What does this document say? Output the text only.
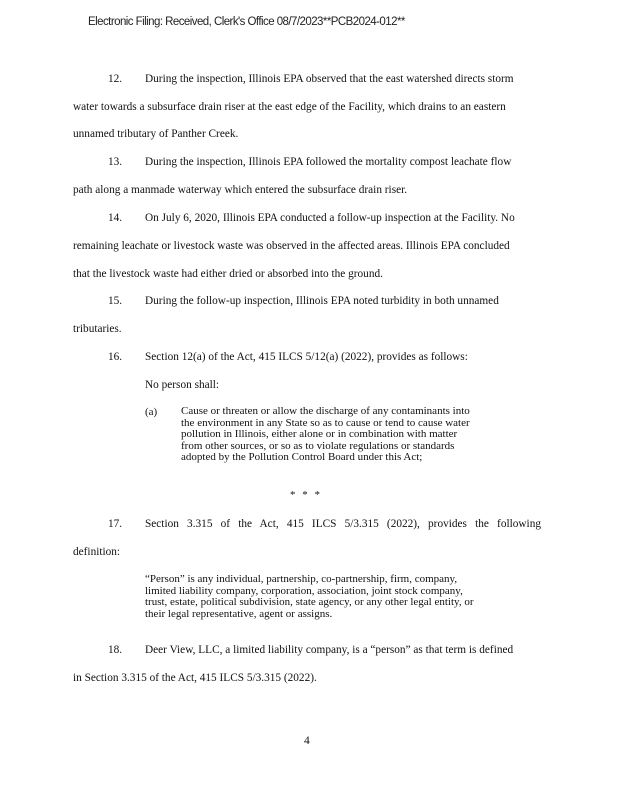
Electronic Filing: Received, Clerk's Office 08/7/2023**PCB2024-012**
12. During the inspection, Illinois EPA observed that the east watershed directs storm
water towards a subsurface drain riser at the east edge of the Facility, which drains to an eastern
unnamed tributary of Panther Creek.
13. During the inspection, Illinois EPA followed the mortality compost leachate flow
path along a manmade waterway which entered the subsurface drain riser.
14. On July 6, 2020, Illinois EPA conducted a follow-up inspection at the Facility. No
remaining leachate or livestock waste was observed in the affected areas. Illinois EPA concluded
that the livestock waste had either dried or absorbed into the ground.
15. During the follow-up inspection, Illinois EPA noted turbidity in both unnamed
tributaries.
16. Section 12(a) of the Act, 415 ILCS 5/12(a) (2022), provides as follows:
No person shall:
(a) Cause or threaten or allow the discharge of any contaminants into
the environment in any State so as to cause or tend to cause water
pollution in Illinois, either alone or in combination with matter
from other sources, or so as to violate regulations or standards
adopted by the Pollution Control Board under this Act;
* * *
17. Section 3.315 of the Act, 415 ILCS 5/3.315 (2022), provides the following
definition:
“Person” is any individual, partnership, co-partnership, firm, company,
limited liability company, corporation, association, joint stock company,
trust, estate, political subdivision, state agency, or any other legal entity, or
their legal representative, agent or assigns.
18. Deer View, LLC, a limited liability company, is a “person” as that term is defined
in Section 3.315 of the Act, 415 ILCS 5/3.315 (2022).
4
